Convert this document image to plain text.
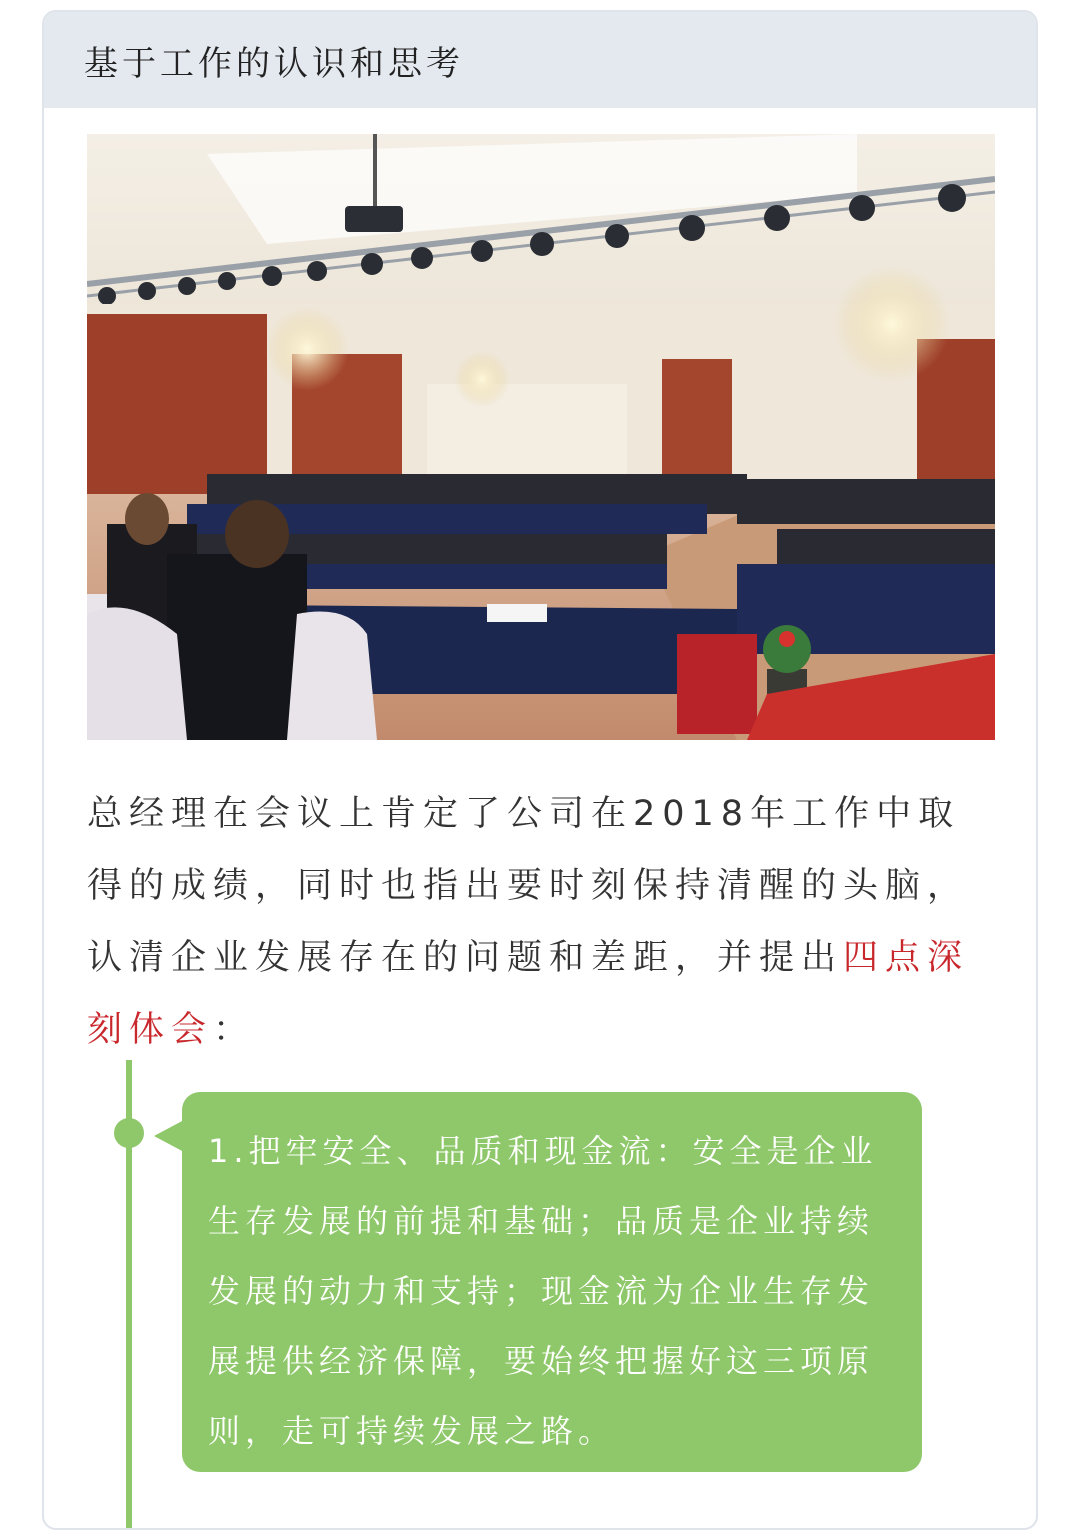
基于工作的认识和思考
总经理在会议上肯定了公司在2018年工作中取得的成绩，同时也指出要时刻保持清醒的头脑，认清企业发展存在的问题和差距，并提出四点深刻体会：
1.把牢安全、品质和现金流：安全是企业生存发展的前提和基础；品质是企业持续发展的动力和支持；现金流为企业生存发展提供经济保障，要始终把握好这三项原则，走可持续发展之路。
